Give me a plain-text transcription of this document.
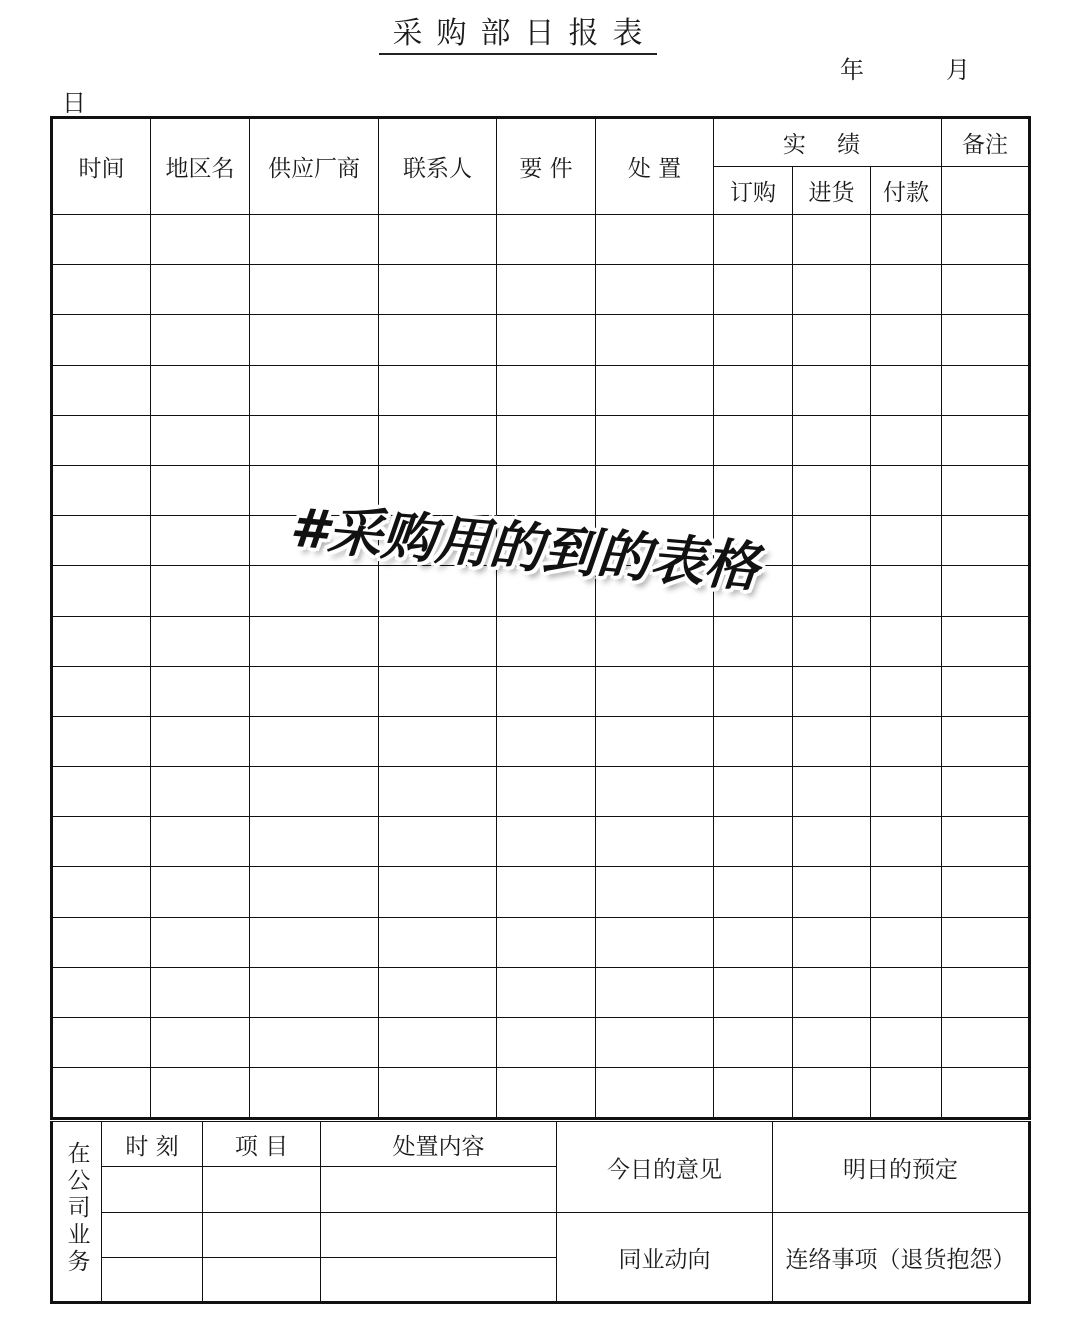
采购部日报表
年	月
日
时间	地区名	供应厂商	联系人	要 件	处 置	实 绩			备注
						订购	进货	付款	

在公司业务	时 刻	项 目	处置内容	今日的意见	明日的预定

				同业动向	连络事项（退货抱怨）

#采购用的到的表格
